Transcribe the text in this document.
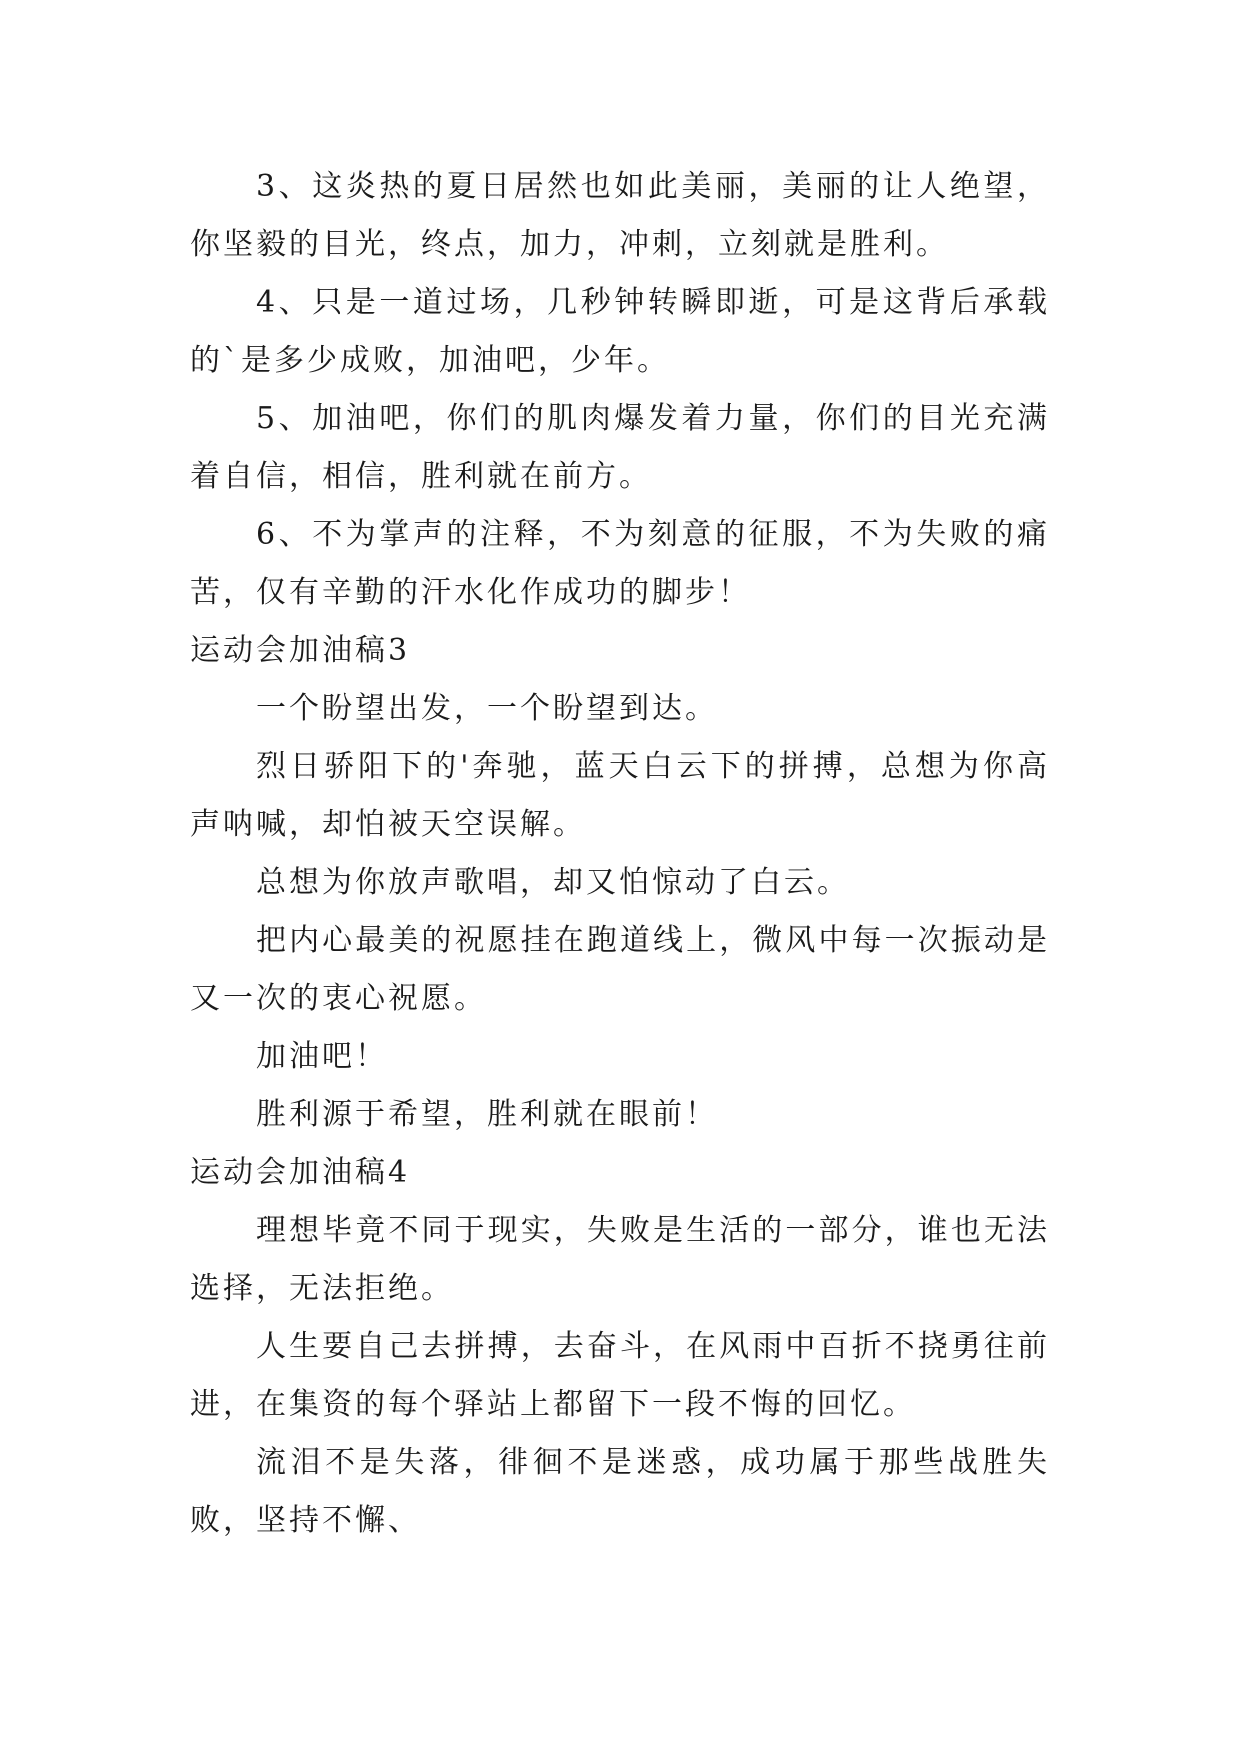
3、这炎热的夏日居然也如此美丽，美丽的让人绝望，你坚毅的目光，终点，加力，冲刺，立刻就是胜利。

4、只是一道过场，几秒钟转瞬即逝，可是这背后承载的`是多少成败，加油吧，少年。

5、加油吧，你们的肌肉爆发着力量，你们的目光充满着自信，相信，胜利就在前方。

6、不为掌声的注释，不为刻意的征服，不为失败的痛苦，仅有辛勤的汗水化作成功的脚步！

运动会加油稿3

一个盼望出发，一个盼望到达。

烈日骄阳下的'奔驰，蓝天白云下的拼搏，总想为你高声呐喊，却怕被天空误解。

总想为你放声歌唱，却又怕惊动了白云。

把内心最美的祝愿挂在跑道线上，微风中每一次振动是又一次的衷心祝愿。

加油吧！

胜利源于希望，胜利就在眼前！

运动会加油稿4

理想毕竟不同于现实，失败是生活的一部分，谁也无法选择，无法拒绝。

人生要自己去拼搏，去奋斗，在风雨中百折不挠勇往前进，在集资的每个驿站上都留下一段不悔的回忆。

流泪不是失落，徘徊不是迷惑，成功属于那些战胜失败，坚持不懈、
